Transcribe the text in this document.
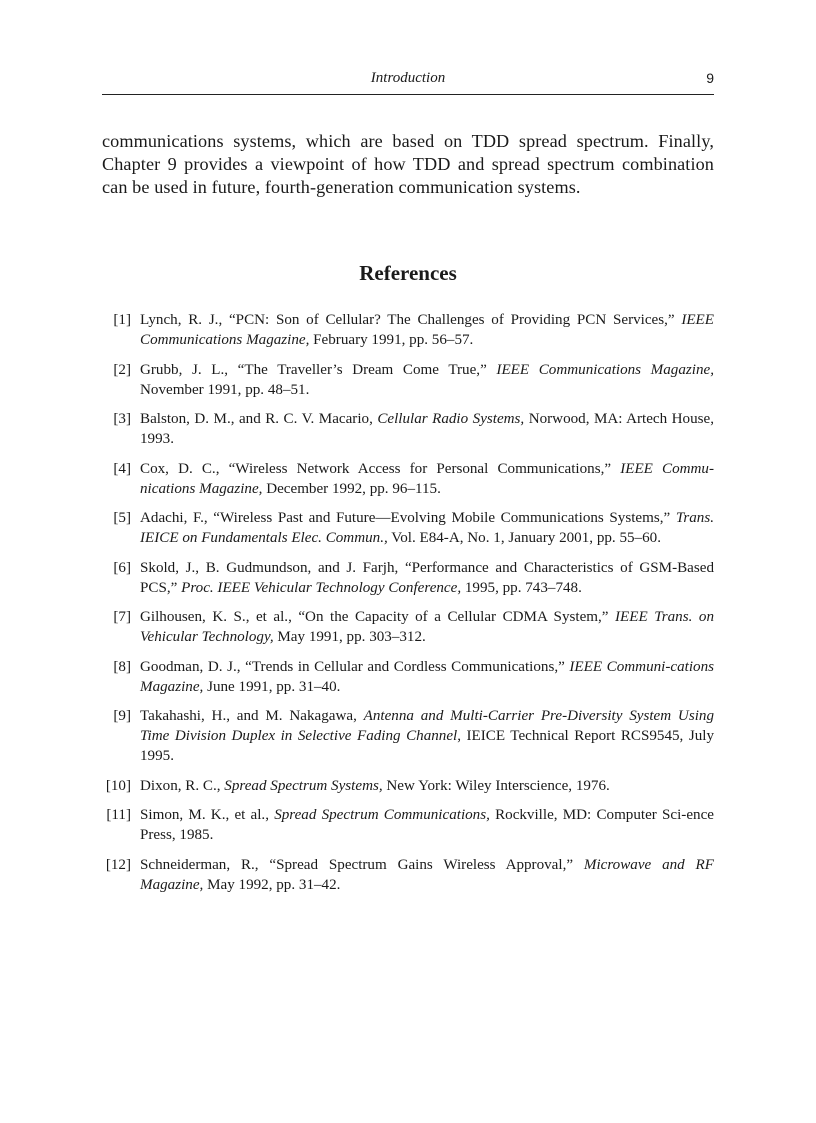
Introduction	9

communications systems, which are based on TDD spread spectrum. Finally, Chapter 9 provides a viewpoint of how TDD and spread spectrum combination can be used in future, fourth-generation communication systems.

References
[1] Lynch, R. J., “PCN: Son of Cellular? The Challenges of Providing PCN Services,” IEEE Communications Magazine, February 1991, pp. 56–57.
[2] Grubb, J. L., “The Traveller’s Dream Come True,” IEEE Communications Magazine, November 1991, pp. 48–51.
[3] Balston, D. M., and R. C. V. Macario, Cellular Radio Systems, Norwood, MA: Artech House, 1993.
[4] Cox, D. C., “Wireless Network Access for Personal Communications,” IEEE Commu-nications Magazine, December 1992, pp. 96–115.
[5] Adachi, F., “Wireless Past and Future—Evolving Mobile Communications Systems,” Trans. IEICE on Fundamentals Elec. Commun., Vol. E84-A, No. 1, January 2001, pp. 55–60.
[6] Skold, J., B. Gudmundson, and J. Farjh, “Performance and Characteristics of GSM-Based PCS,” Proc. IEEE Vehicular Technology Conference, 1995, pp. 743–748.
[7] Gilhousen, K. S., et al., “On the Capacity of a Cellular CDMA System,” IEEE Trans. on Vehicular Technology, May 1991, pp. 303–312.
[8] Goodman, D. J., “Trends in Cellular and Cordless Communications,” IEEE Communi-cations Magazine, June 1991, pp. 31–40.
[9] Takahashi, H., and M. Nakagawa, Antenna and Multi-Carrier Pre-Diversity System Using Time Division Duplex in Selective Fading Channel, IEICE Technical Report RCS9545, July 1995.
[10] Dixon, R. C., Spread Spectrum Systems, New York: Wiley Interscience, 1976.
[11] Simon, M. K., et al., Spread Spectrum Communications, Rockville, MD: Computer Sci-ence Press, 1985.
[12] Schneiderman, R., “Spread Spectrum Gains Wireless Approval,” Microwave and RF Magazine, May 1992, pp. 31–42.
